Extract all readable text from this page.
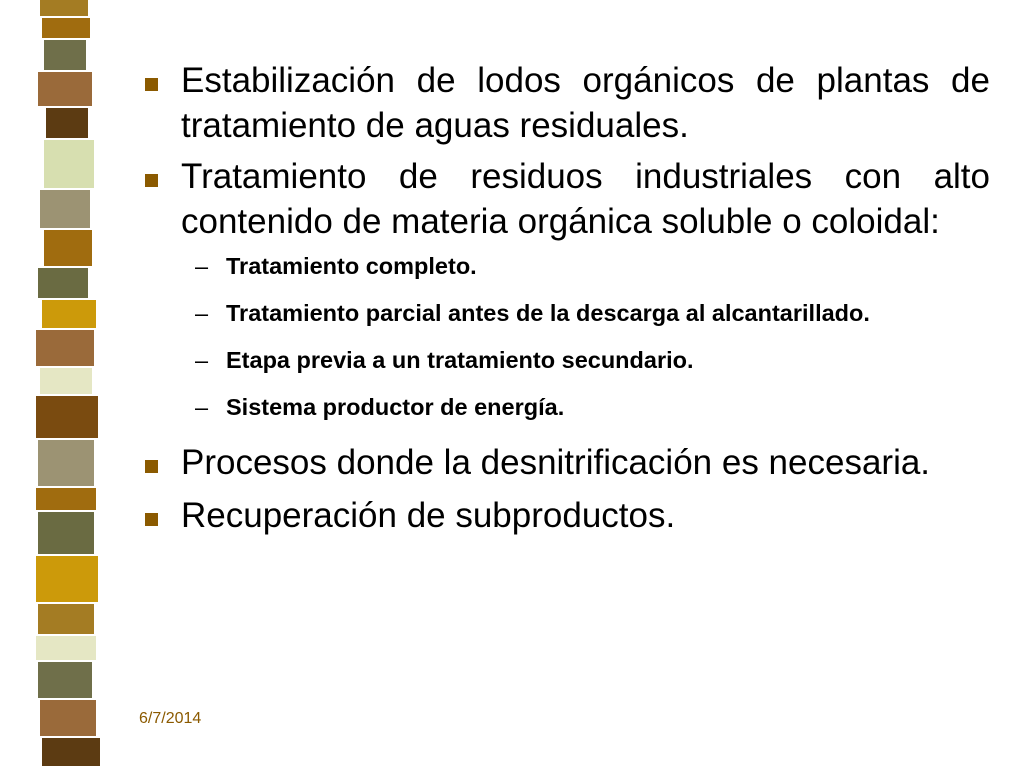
Estabilización de lodos orgánicos de plantas de tratamiento de aguas residuales.
Tratamiento de residuos industriales con alto contenido de materia orgánica soluble o coloidal:
– Tratamiento completo.
– Tratamiento parcial antes de la descarga al alcantarillado.
– Etapa previa a un tratamiento secundario.
– Sistema productor de energía.
Procesos donde la desnitrificación es necesaria.
Recuperación de subproductos.
6/7/2014
